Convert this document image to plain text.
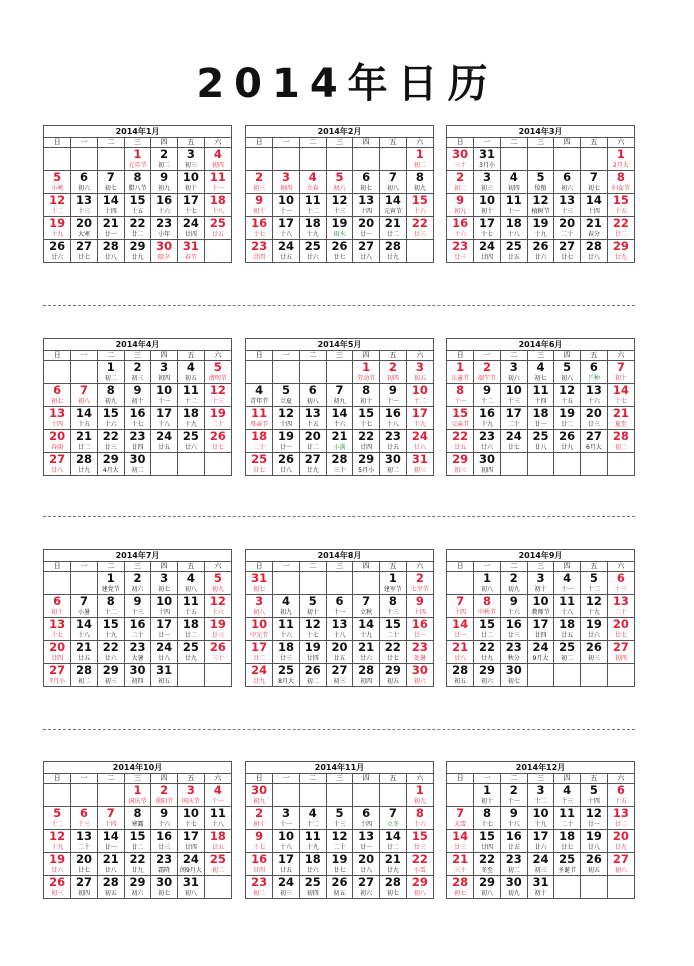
2014年日历
2014年1月
日	一	二	三	四	五	六
			1	2	3	4
			元旦节	初二	初三	初四
5	6	7	8	9	10	11
小寒	初六	初七	腊八节	初九	初十	十一
12	13	14	15	16	17	18
十二	十三	十四	十五	十六	十七	十八
19	20	21	22	23	24	25
十九	大寒	廿一	廿二	小年	廿四	廿五
26	27	28	29	30	31	
廿六	廿七	廿八	廿九	除夕	春节	
2014年2月
日	一	二	三	四	五	六
						1
						初二
2	3	4	5	6	7	8
初三	初四	立春	初六	初七	初八	初九
9	10	11	12	13	14	15
初十	十一	十二	十三	十四	元宵节	十六
16	17	18	19	20	21	22
十七	十八	十九	雨水	廿一	廿二	廿三
23	24	25	26	27	28	
廿四	廿五	廿六	廿七	廿八	廿九	
2014年3月
日	一	二	三	四	五	六
30	31					1
三十	3月小					2月大
2	3	4	5	6	7	8
初二	初三	初四	惊蛰	初六	初七	妇女节
9	10	11	12	13	14	15
初九	初十	十一	植树节	十三	十四	十五
16	17	18	19	20	21	22
十六	十七	十八	十九	二十	春分	廿二
23	24	25	26	27	28	29
廿三	廿四	廿五	廿六	廿七	廿八	廿九
2014年4月
日	一	二	三	四	五	六
		1	2	3	4	5
		初二	初三	初四	初五	清明节
6	7	8	9	10	11	12
初七	初八	初九	初十	十一	十二	十三
13	14	15	16	17	18	19
十四	十五	十六	十七	十八	十九	二十
20	21	22	23	24	25	26
谷雨	廿二	廿三	廿四	廿五	廿六	廿七
27	28	29	30			
廿八	廿九	4月大	初二			
2014年5月
日	一	二	三	四	五	六
				1	2	3
				劳动节	初四	初五
4	5	6	7	8	9	10
青年节	立夏	初八	初九	初十	十一	十二
11	12	13	14	15	16	17
母亲节	十四	十五	十六	十七	十八	十九
18	19	20	21	22	23	24
二十	廿一	廿二	小满	廿四	廿五	廿六
25	26	27	28	29	30	31
廿七	廿八	廿九	三十	5月小	初二	初三
2014年6月
日	一	二	三	四	五	六
1	2	3	4	5	6	7
儿童节	端午节	初六	初七	初八	芒种	初十
8	9	10	11	12	13	14
十一	十二	十三	十四	十五	十六	十七
15	16	17	18	19	20	21
父亲节	十九	二十	廿一	廿二	廿三	夏至
22	23	24	25	26	27	28
廿五	廿六	廿七	廿八	廿九	6月大	初二
29	30					
初三	初四					
2014年7月
日	一	二	三	四	五	六
		1	2	3	4	5
		建党节	初六	初七	初八	初九
6	7	8	9	10	11	12
初十	小暑	十二	十三	十四	十五	十六
13	14	15	16	17	18	19
十七	十八	十九	二十	廿一	廿二	廿三
20	21	22	23	24	25	26
廿四	廿五	廿六	大暑	廿八	廿九	三十
27	28	29	30	31		
7月小	初二	初三	初四	初五		
2014年8月
日	一	二	三	四	五	六
31					1	2
初七					建军节	七夕节
3	4	5	6	7	8	9
初八	初九	初十	十一	立秋	十三	十四
10	11	12	13	14	15	16
中元节	十六	十七	十八	十九	二十	廿一
17	18	19	20	21	22	23
廿二	廿三	廿四	廿五	廿六	廿七	处暑
24	25	26	27	28	29	30
廿九	8月大	初二	初三	初四	初五	初六
2014年9月
日	一	二	三	四	五	六
	1	2	3	4	5	6
	初八	初九	初十	十一	十二	十三
7	8	9	10	11	12	13
十四	中秋节	十六	教师节	十八	十九	二十
14	15	16	17	18	19	20
廿一	廿二	廿三	廿四	廿五	廿六	廿七
21	22	23	24	25	26	27
廿八	廿九	秋分	9月大	初二	初三	初四
28	29	30				
初五	初六	初七				
2014年10月
日	一	二	三	四	五	六
			1	2	3	4
			国庆节	重阳节	国庆节	十一
5	6	7	8	9	10	11
十二	十三	十四	寒露	十六	十七	十八
12	13	14	15	16	17	18
十九	二十	廿一	廿二	廿三	廿四	廿五
19	20	21	22	23	24	25
廿六	廿七	廿八	廿九	霜降	闰9月大	初二
26	27	28	29	30	31	
初三	初四	初五	初六	初七	初八	
2014年11月
日	一	二	三	四	五	六
30						1
初九						初九
2	3	4	5	6	7	8
初十	十一	十二	十三	十四	立冬	十六
9	10	11	12	13	14	15
十七	十八	十九	二十	廿一	廿二	廿三
16	17	18	19	20	21	22
廿四	廿五	廿六	廿七	廿八	廿九	小雪
23	24	25	26	27	28	29
初二	初三	初四	初五	初六	初七	初八
2014年12月
日	一	二	三	四	五	六
	1	2	3	4	5	6
	初十	十一	十二	十三	十四	十五
7	8	9	10	11	12	13
大雪	十七	十八	十九	二十	廿一	廿二
14	15	16	17	18	19	20
廿三	廿四	廿五	廿六	廿七	廿八	廿九
21	22	23	24	25	26	27
三十	冬至	初二	初三	圣诞节	初五	初六
28	29	30	31			
初七	初八	初九	初十			
